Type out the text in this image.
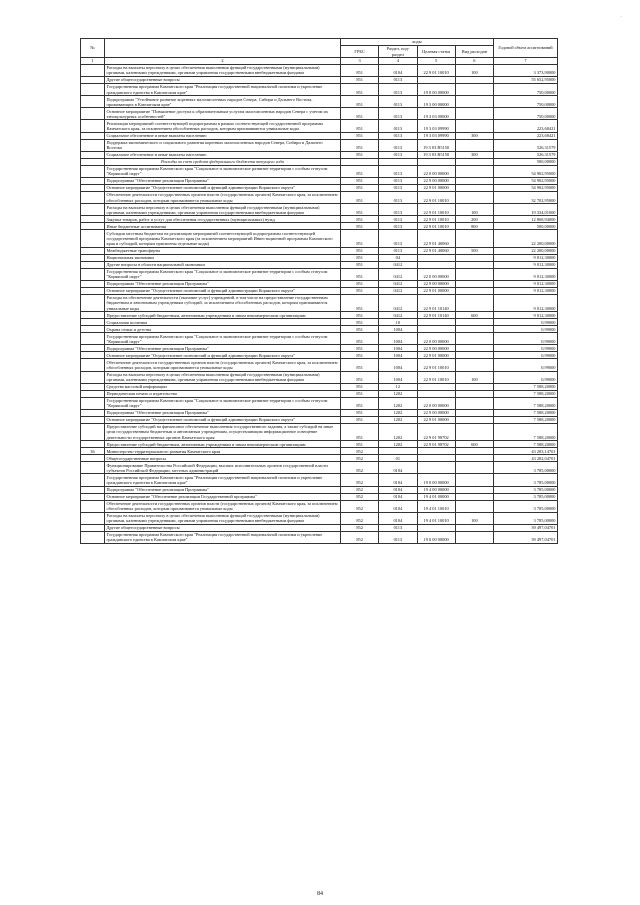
·
№		коды				Годовой объем ассигнований
		ГРБС	Раздел, под-раздел	Целевая статья	Вид расходов	
1	2	3	4	5	6	7
	Расходы на выплаты персоналу в целях обеспечения выполнения функций государственными (муниципальными) органами, казенными учреждениями, органами управления государственными внебюджетными фондами	851	0104	22 9 01 10010	100	3 373,90000
	Другие общегосударственные вопросы	851	0113			55 652,95000
	Государственная программа Камчатского края "Реализация государственной национальной политики и укрепление гражданского единства в Камчатском крае"	851	0113	19 0 00 00000		750,00000
	Подпрограмма "Устойчивое развитие коренных малочисленных народов Севера, Сибири и Дальнего Востока, проживающих в Камчатском крае"	851	0113	19 3 00 00000		750,00000
	Основное мероприятие "Повышение доступа к образовательным услугам малочисленных народов Севера с учетом их этнокультурных особенностей"	851	0113	19 3 03 00000		750,00000
	Реализация мероприятий соответствующей подпрограммы в рамках соответствующей государственной программы Камчатского края, за исключением обособленных расходов, которым присваиваются уникальные коды	851	0113	19 3 03 09990		223,68421
	Социальное обеспечение и иные выплаты населению	851	0113	19 3 03 09990	300	223,68421
	Поддержка экономического и социального развития коренных малочисленных народов Севера, Сибири и Дальнего Востока	851	0113	19 3 03 R5150		526,31579
	Социальное обеспечение и иные выплаты населению	851	0113	19 3 03 R5150	300	526,31579
	Расходы за счет средств федерального бюджета текущего года					500,00000
	Государственная программа Камчатского края "Социальное и экономическое развитие территории с особым статусом "Корякский округ"	851	0113	22 0 00 00000		54 902,95000
	Подпрограмма "Обеспечение реализации Программы"	851	0113	22 9 00 00000		54 902,95000
	Основное мероприятие "Осуществление полномочий и функций администрации Корякского округа"	851	0113	22 9 01 00000		54 902,95000
	Обеспечение деятельности государственных органов власти (государственных органов) Камчатского края, за исключением обособленных расходов, которым присваиваются уникальные коды	851	0113	22 9 01 10010		32 702,95000
	Расходы на выплаты персоналу в целях обеспечения выполнения функций государственными (муниципальными) органами, казенными учреждениями, органами управления государственными внебюджетными фондами	851	0113	22 9 01 10010	100	19 334,01000
	Закупка товаров, работ и услуг для обеспечения государственных (муниципальных) нужд	851	0113	22 9 01 10010	200	12 868,94000
	Иные бюджетные ассигнования	851	0113	22 9 01 10010	800	500,00000
	Субсидии местным бюджетам на реализацию мероприятий соответствующей подпрограммы соответствующей государственной программы Камчатского края (за исключением мероприятий Инвестиционной программы Камчатского края и субсидий, которым присвоены отдельные коды)	851	0113	22 9 01 40060		22 200,00000
	Межбюджетные трансферты	851	0113	22 9 01 40060	500	22 200,00000
	Национальная экономика	851	04			9 012,30000
	Другие вопросы в области национальной экономики	851	0412			9 012,30000
	Государственная программа Камчатского края "Социальное и экономическое развитие территории с особым статусом "Корякский округ"	851	0412	22 0 00 00000		9 012,30000
	Подпрограмма "Обеспечение реализации Программы"	851	0412	22 9 00 00000		9 012,30000
	Основное мероприятие "Осуществление полномочий и функций администрации Корякского округа"	851	0412	22 9 01 00000		9 012,30000
	Расходы на обеспечение деятельности (оказание услуг) учреждений, в том числе на предоставление государственным бюджетным и автономным учреждениям субсидий, за исключением обособленных расходов, которым присваиваются уникальные коды	851	0412	22 9 01 10140		9 012,30000
	Предоставление субсидий бюджетным, автономным учреждениям и иным некоммерческим организациям	851	0412	22 9 01 10140	600	9 012,30000
	Социальная политика	851	10			0,99000
	Охрана семьи и детства	851	1004			0,99000
	Государственная программа Камчатского края "Социальное и экономическое развитие территории с особым статусом "Корякский округ"	851	1004	22 0 00 00000		0,99000
	Подпрограмма "Обеспечение реализации Программы"	851	1004	22 9 00 00000		0,99000
	Основное мероприятие "Осуществление полномочий и функций администрации Корякского округа"	851	1004	22 9 01 00000		0,99000
	Обеспечение деятельности государственных органов власти (государственных органов) Камчатского края, за исключением обособленных расходов, которым присваиваются уникальные коды	851	1004	22 9 01 10010		0,99000
	Расходы на выплаты персоналу в целях обеспечения выполнения функций государственными (муниципальными) органами, казенными учреждениями, органами управления государственными внебюджетными фондами	851	1004	22 9 01 10010	100	0,99000
	Средства массовой информации	851	12			7 588,20000
	Периодическая печать и издательства	851	1202			7 588,20000
	Государственная программа Камчатского края "Социальное и экономическое развитие территории с особым статусом "Корякский округ"	851	1202	22 0 00 00000		7 588,20000
	Подпрограмма "Обеспечение реализации Программы"	851	1202	22 9 00 00000		7 588,20000
	Основное мероприятие "Осуществление полномочий и функций администрации Корякского округа"	851	1202	22 9 01 00000		7 588,20000
	Предоставление субсидий на финансовое обеспечение выполнения государственного задания, а также субсидий на иные цели государственным бюджетным и автономным учреждениям, осуществляющим информационное освещение деятельности государственных органов Камчатского края	851	1202	22 9 01 98702		7 588,20000
	Предоставление субсидий бюджетным, автономным учреждениям и иным некоммерческим организациям	851	1202	22 9 01 98702	600	7 588,20000
36	Министерство территориального развития Камчатского края	852				43 283,14701
	Общегосударственные вопросы	852	01			43 282,04701
	Функционирование Правительства Российской Федерации, высших исполнительных органов государственной власти субъектов Российской Федерации, местных администраций	852	0104			3 785,00000
	Государственная программа Камчатского края "Реализация государственной национальной политики и укрепление гражданского единства в Камчатском крае"	852	0104	19 0 00 00000		3 785,00000
	Подпрограмма "Обеспечение реализации Программы"	852	0104	19 4 00 00000		3 785,00000
	Основное мероприятие "Обеспечение реализации Государственной программы"	852	0104	19 4 01 00000		3 785,00000
	Обеспечение деятельности государственных органов власти (государственных органов) Камчатского края, за исключением обособленных расходов, которым присваиваются уникальные коды	852	0104	19 4 01 10010		3 785,00000
	Расходы на выплаты персоналу в целях обеспечения выполнения функций государственными (муниципальными) органами, казенными учреждениями, органами управления государственными внебюджетными фондами	852	0104	19 4 01 10010	100	3 785,00000
	Другие общегосударственные вопросы	852	0113			39 497,04701
	Государственная программа Камчатского края "Реализация государственной национальной политики и укрепление гражданского единства в Камчатском крае"	852	0113	19 0 00 00000		39 497,04701
84
